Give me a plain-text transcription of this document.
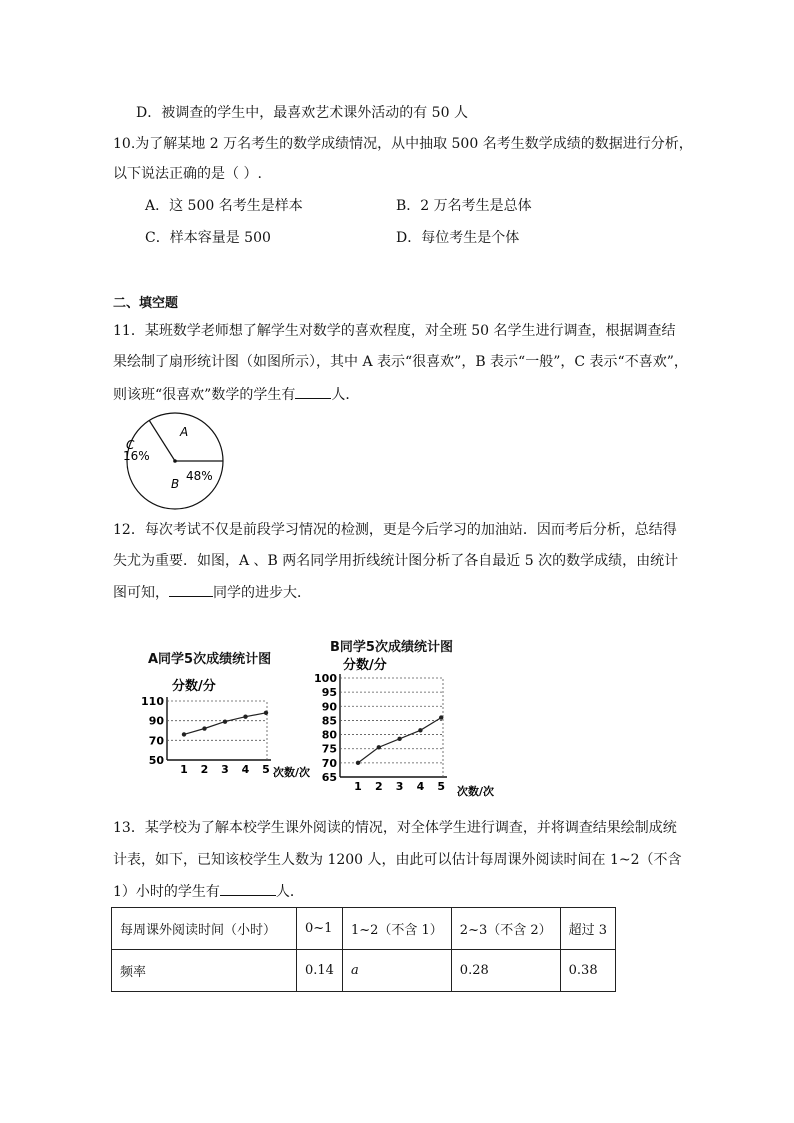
D．被调查的学生中，最喜欢艺术课外活动的有 50 人
10.为了解某地 2 万名考生的数学成绩情况，从中抽取 500 名考生数学成绩的数据进行分析，
以下说法正确的是（ ）.
A．这 500 名考生是样本	B．2 万名考生是总体
C．样本容量是 500	D．每位考生是个体
二、填空题
11．某班数学老师想了解学生对数学的喜欢程度，对全班 50 名学生进行调查，根据调查结
果绘制了扇形统计图（如图所示），其中 A 表示“很喜欢”，B 表示“一般”，C 表示“不喜欢”，
则该班“很喜欢”数学的学生有	人．
A
C
16%
48%
B
12．每次考试不仅是前段学习情况的检测，更是今后学习的加油站．因而考后分析，总结得
失尤为重要．如图，A 、B 两名同学用折线统计图分析了各自最近 5 次的数学成绩，由统计
图可知，	同学的进步大．
A同学5次成绩统计图
50
70
90
110
1 2 3 4 5
分数/分
次数/次
B同学5次成绩统计图
65
70
75
80
85
90
95
100
1 2 3 4 5
分数/分
次数/次
13．某学校为了解本校学生课外阅读的情况，对全体学生进行调查，并将调查结果绘制成统
计表，如下，已知该校学生人数为 1200 人，由此可以估计每周课外阅读时间在 1~2（不含
1）小时的学生有	人．
每周课外阅读时间（小时）	0~1	1~2（不含 1）	2~3（不含 2）	超过 3
频率	0.14	a	0.28	0.38
